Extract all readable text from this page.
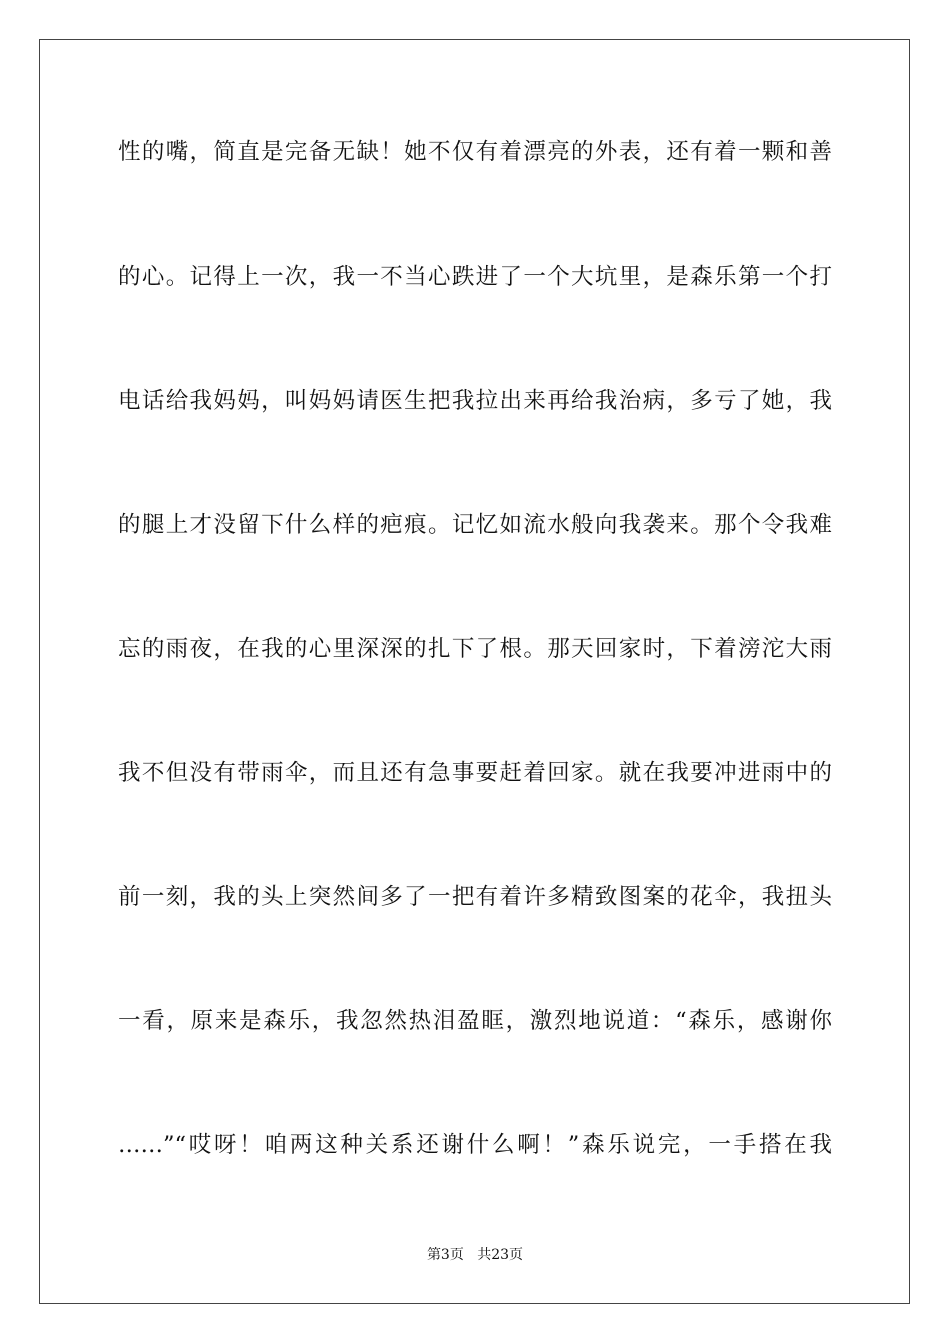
性的嘴，简直是完备无缺！她不仅有着漂亮的外表，还有着一颗和善
的心。记得上一次，我一不当心跌进了一个大坑里，是森乐第一个打
电话给我妈妈，叫妈妈请医生把我拉出来再给我治病，多亏了她，我
的腿上才没留下什么样的疤痕。记忆如流水般向我袭来。那个令我难
忘的雨夜，在我的心里深深的扎下了根。那天回家时，下着滂沱大雨
我不但没有带雨伞，而且还有急事要赶着回家。就在我要冲进雨中的
前一刻，我的头上突然间多了一把有着许多精致图案的花伞，我扭头
一看，原来是森乐，我忽然热泪盈眶，激烈地说道：“森乐，感谢你
……”“哎呀！咱两这种关系还谢什么啊！”森乐说完，一手搭在我
第3页 共23页
